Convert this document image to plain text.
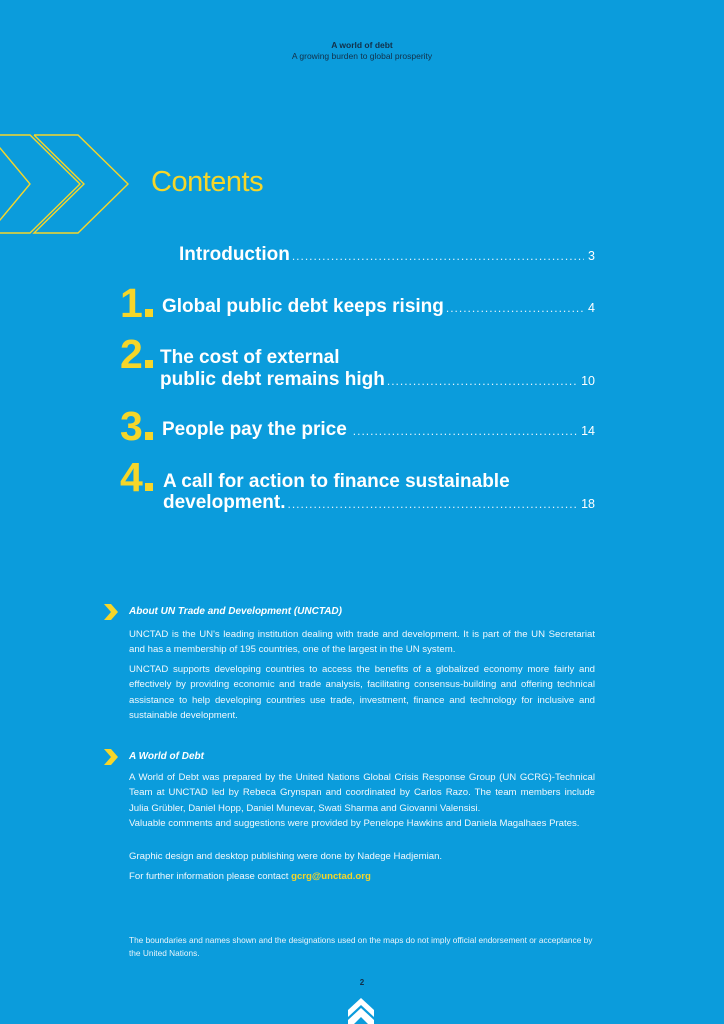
A world of debt
A growing burden to global prosperity
Contents
Introduction .....	3
1	Global public debt keeps rising .....	4
2 The cost of external
public debt remains high .....	10
3	People pay the price .....	14
4	A call for action to finance sustainable
development. .....	18
About UN Trade and Development (UNCTAD)
UNCTAD is the UN's leading institution dealing with trade and development. It is part of the UN Secretariat and has a membership of 195 countries, one of the largest in the UN system.
UNCTAD supports developing countries to access the benefits of a globalized economy more fairly and effectively by providing economic and trade analysis, facilitating consensus-building and offering technical assistance to help developing countries use trade, investment, finance and technology for inclusive and sustainable development.
A World of Debt
A World of Debt was prepared by the United Nations Global Crisis Response Group (UN GCRG)-Technical Team at UNCTAD led by Rebeca Grynspan and coordinated by Carlos Razo. The team members include Julia Grübler, Daniel Hopp, Daniel Munevar, Swati Sharma and Giovanni Valensisi.
Valuable comments and suggestions were provided by Penelope Hawkins and Daniela Magalhaes Prates.
Graphic design and desktop publishing were done by Nadege Hadjemian.
For further information please contact gcrg@unctad.org
The boundaries and names shown and the designations used on the maps do not imply official endorsement or acceptance by the United Nations.
2
